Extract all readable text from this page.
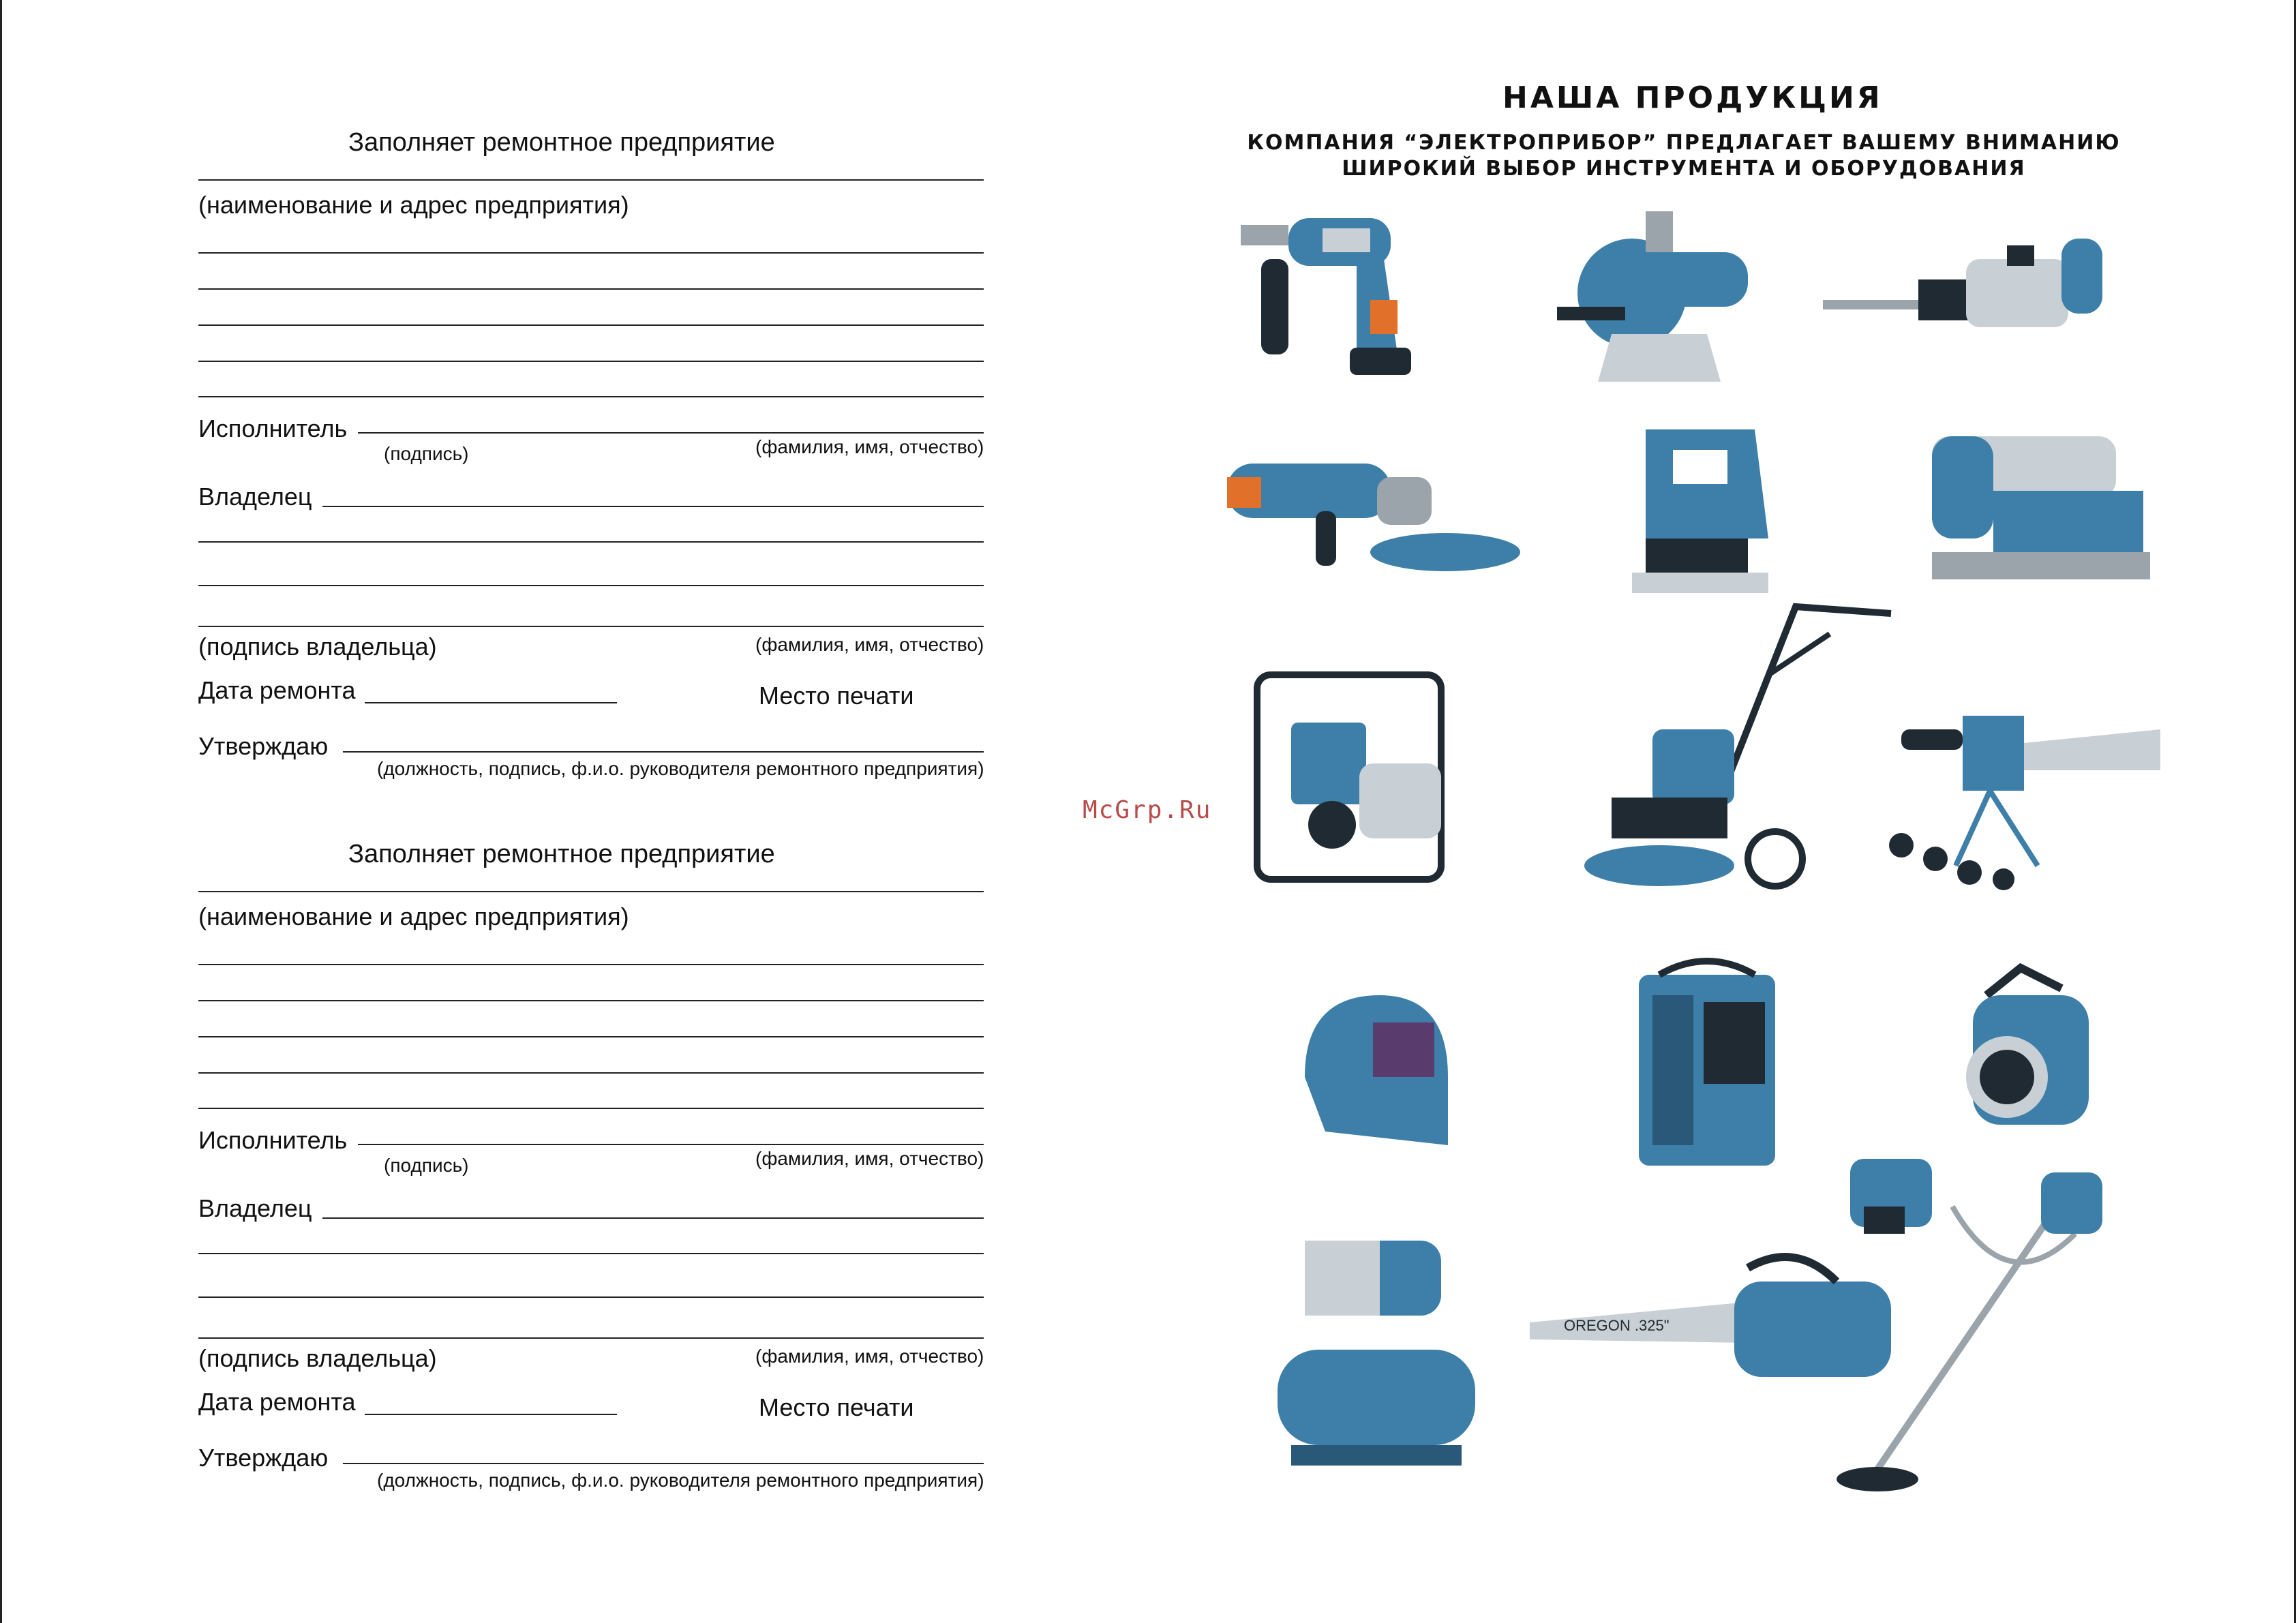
Заполняет ремонтное предприятие
(наименование и адрес предприятия)
Исполнитель
(подпись)	(фамилия, имя, отчество)
Владелец
(подпись владельца)	(фамилия, имя, отчество)
Дата ремонта	Место печати
Утверждаю
(должность, подпись, ф.и.о. руководителя ремонтного предприятия)
Заполняет ремонтное предприятие
(наименование и адрес предприятия)
Исполнитель
(подпись)	(фамилия, имя, отчество)
Владелец
(подпись владельца)	(фамилия, имя, отчество)
Дата ремонта	Место печати
Утверждаю
(должность, подпись, ф.и.о. руководителя ремонтного предприятия)
НАША ПРОДУКЦИЯ
КОМПАНИЯ “ЭЛЕКТРОПРИБОР” ПРЕДЛАГАЕТ ВАШЕМУ ВНИМАНИЮ
ШИРОКИЙ ВЫБОР ИНСТРУМЕНТА И ОБОРУДОВАНИЯ
McGrp.Ru
OREGON .325"
